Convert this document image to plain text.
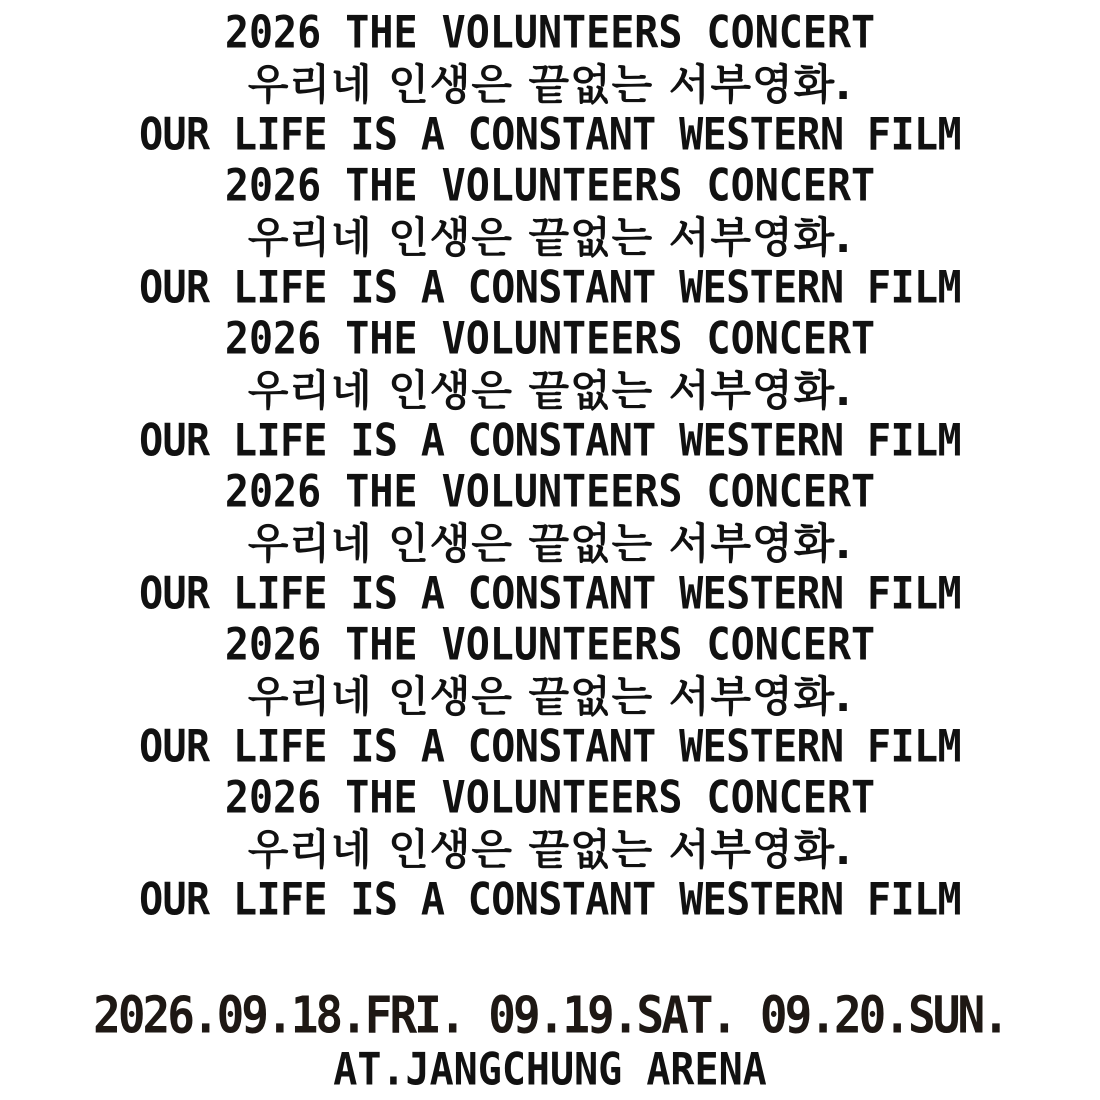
2026 THE VOLUNTEERS CONCERT
우리네 인생은 끝없는 서부영화.
OUR LIFE IS A CONSTANT WESTERN FILM
2026 THE VOLUNTEERS CONCERT
우리네 인생은 끝없는 서부영화.
OUR LIFE IS A CONSTANT WESTERN FILM
2026 THE VOLUNTEERS CONCERT
우리네 인생은 끝없는 서부영화.
OUR LIFE IS A CONSTANT WESTERN FILM
2026 THE VOLUNTEERS CONCERT
우리네 인생은 끝없는 서부영화.
OUR LIFE IS A CONSTANT WESTERN FILM
2026 THE VOLUNTEERS CONCERT
우리네 인생은 끝없는 서부영화.
OUR LIFE IS A CONSTANT WESTERN FILM
2026 THE VOLUNTEERS CONCERT
우리네 인생은 끝없는 서부영화.
OUR LIFE IS A CONSTANT WESTERN FILM
2026.09.18.FRI. 09.19.SAT. 09.20.SUN.
AT.JANGCHUNG ARENA
